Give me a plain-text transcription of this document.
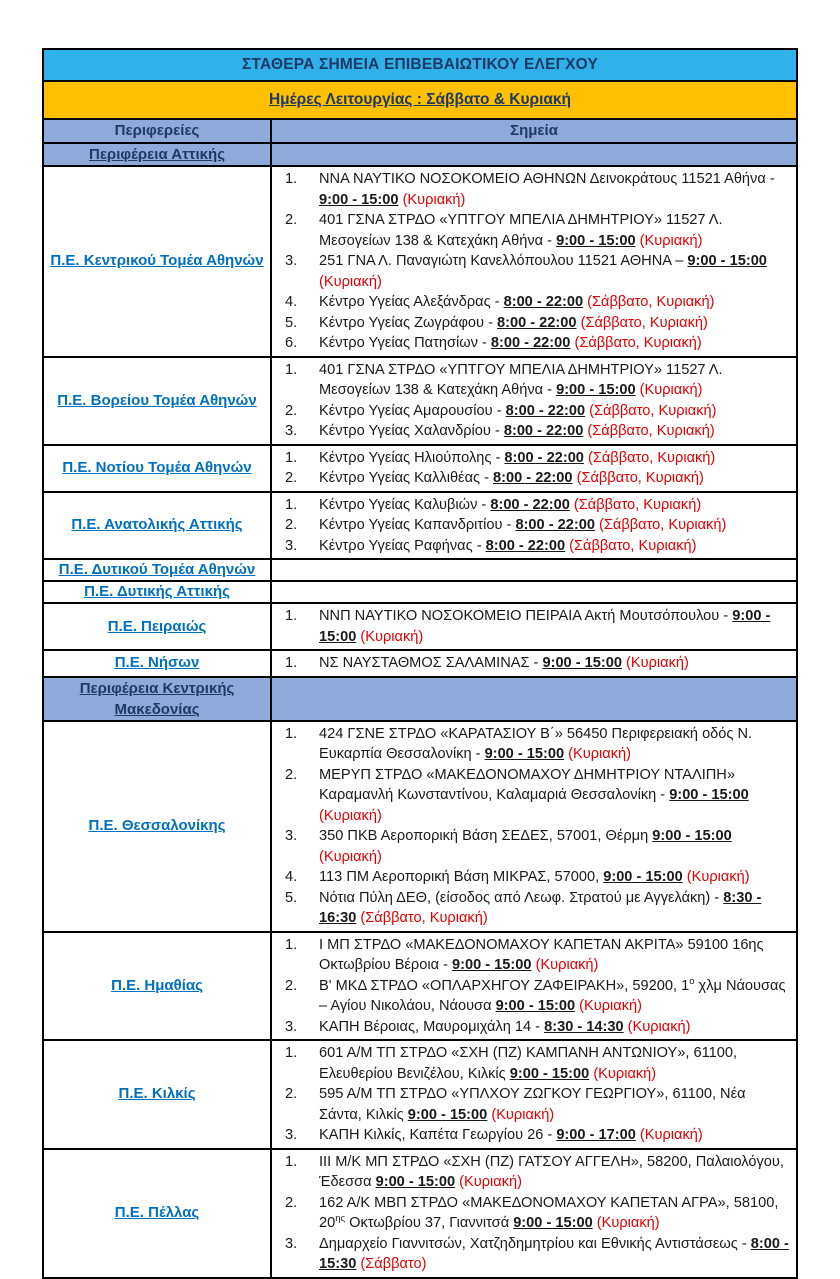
ΣΤΑΘΕΡΑ ΣΗΜΕΙΑ ΕΠΙΒΕΒΑΙΩΤΙΚΟΥ ΕΛΕΓΧΟΥ	
Ημέρες Λειτουργίας : Σάββατο & Κυριακή	
Περιφερείες	Σημεία
Περιφέρεια Αττικής	
Π.Ε. Κεντρικού Τομέα Αθηνών	
ΝΝΑ ΝΑΥΤΙΚΟ ΝΟΣΟΚΟΜΕΙΟ ΑΘΗΝΩΝ Δεινοκράτους 11521 Αθήνα - 9:00 - 15:00 (Κυριακή)
401 ΓΣΝΑ ΣΤΡΔΟ «ΥΠΤΓΟΥ ΜΠΕΛΙΑ ΔΗΜΗΤΡΙΟΥ» 11527 Λ. Μεσογείων 138 & Κατεχάκη Αθήνα - 9:00 - 15:00 (Κυριακή)
251 ΓΝΑ Λ. Παναγιώτη Κανελλόπουλου 11521 ΑΘΗΝΑ – 9:00 - 15:00 (Κυριακή)
Κέντρο Υγείας Αλεξάνδρας - 8:00 - 22:00 (Σάββατο, Κυριακή)
Κέντρο Υγείας Ζωγράφου - 8:00 - 22:00 (Σάββατο, Κυριακή)
Κέντρο Υγείας Πατησίων - 8:00 - 22:00 (Σάββατο, Κυριακή)

Π.Ε. Βορείου Τομέα Αθηνών	
401 ΓΣΝΑ ΣΤΡΔΟ «ΥΠΤΓΟΥ ΜΠΕΛΙΑ ΔΗΜΗΤΡΙΟΥ» 11527 Λ. Μεσογείων 138 & Κατεχάκη Αθήνα - 9:00 - 15:00 (Κυριακή)
Κέντρο Υγείας Αμαρουσίου - 8:00 - 22:00 (Σάββατο, Κυριακή)
Κέντρο Υγείας Χαλανδρίου - 8:00 - 22:00 (Σάββατο, Κυριακή)

Π.Ε. Νοτίου Τομέα Αθηνών	
Κέντρο Υγείας Ηλιούπολης - 8:00 - 22:00 (Σάββατο, Κυριακή)
Κέντρο Υγείας Καλλιθέας - 8:00 - 22:00 (Σάββατο, Κυριακή)

Π.Ε. Ανατολικής Αττικής	
Κέντρο Υγείας Καλυβιών - 8:00 - 22:00 (Σάββατο, Κυριακή)
Κέντρο Υγείας Καπανδριτίου - 8:00 - 22:00 (Σάββατο, Κυριακή)
Κέντρο Υγείας Ραφήνας - 8:00 - 22:00 (Σάββατο, Κυριακή)

Π.Ε. Δυτικού Τομέα Αθηνών	
Π.Ε. Δυτικής Αττικής	
Π.Ε. Πειραιώς	
ΝΝΠ ΝΑΥΤΙΚΟ ΝΟΣΟΚΟΜΕΙΟ ΠΕΙΡΑΙΑ Ακτή Μουτσόπουλου - 9:00 - 15:00 (Κυριακή)

Π.Ε. Νήσων	ΝΣ ΝΑΥΣΤΑΘΜΟΣ ΣΑΛΑΜΙΝΑΣ - 9:00 - 15:00 (Κυριακή)

Περιφέρεια Κεντρικής Μακεδονίας	
Π.Ε. Θεσσαλονίκης	
424 ΓΣΝΕ ΣΤΡΔΟ «ΚΑΡΑΤΑΣΙΟΥ Β΄» 56450 Περιφερειακή οδός Ν. Ευκαρπία Θεσσαλονίκη - 9:00 - 15:00 (Κυριακή)
ΜΕΡΥΠ ΣΤΡΔΟ «ΜΑΚΕΔΟΝΟΜΑΧΟΥ ΔΗΜΗΤΡΙΟΥ ΝΤΑΛΙΠΗ» Καραμανλή Κωνσταντίνου, Καλαμαριά Θεσσαλονίκη - 9:00 - 15:00 (Κυριακή)
350 ΠΚΒ Αεροπορική Βάση ΣΕΔΕΣ, 57001, Θέρμη 9:00 - 15:00 (Κυριακή)
113 ΠΜ Αεροπορική Βάση ΜΙΚΡΑΣ, 57000, 9:00 - 15:00 (Κυριακή)
Νότια Πύλη ΔΕΘ, (είσοδος από Λεωφ. Στρατού με Αγγελάκη) - 8:30 - 16:30 (Σάββατο, Κυριακή)

Π.Ε. Ημαθίας	
Ι ΜΠ ΣΤΡΔΟ «ΜΑΚΕΔΟΝΟΜΑΧΟΥ ΚΑΠΕΤΑΝ ΑΚΡΙΤΑ» 59100 16ης Οκτωβρίου Βέροια - 9:00 - 15:00 (Κυριακή)
Β' ΜΚΔ ΣΤΡΔΟ «ΟΠΛΑΡΧΗΓΟΥ ΖΑΦΕΙΡΑΚΗ», 59200, $1^o$ χλμ Νάουσας – Αγίου Νικολάου, Νάουσα 9:00 - 15:00 (Κυριακή)
ΚΑΠΗ Βέροιας, Μαυρομιχάλη 14 - 8:30 - 14:30 (Κυριακή)

Π.Ε. Κιλκίς	
601 Α/Μ ΤΠ ΣΤΡΔΟ «ΣΧΗ (ΠΖ) ΚΑΜΠΑΝΗ ΑΝΤΩΝΙΟΥ», 61100, Ελευθερίου Βενιζέλου, Κιλκίς 9:00 - 15:00 (Κυριακή)
595 Α/Μ ΤΠ ΣΤΡΔΟ «ΥΠΛΧΟΥ ΖΩΓΚΟΥ ΓΕΩΡΓΙΟΥ», 61100, Νέα Σάντα, Κιλκίς 9:00 - 15:00 (Κυριακή)
ΚΑΠΗ Κιλκίς, Καπέτα Γεωργίου 26 - 9:00 - 17:00 (Κυριακή)

Π.Ε. Πέλλας	
ΙΙΙ Μ/Κ ΜΠ ΣΤΡΔΟ «ΣΧΗ (ΠΖ) ΓΑΤΣΟΥ ΑΓΓΕΛΗ», 58200, Παλαιολόγου, Έδεσσα 9:00 - 15:00 (Κυριακή)
162 Α/Κ ΜΒΠ ΣΤΡΔΟ «ΜΑΚΕΔΟΝΟΜΑΧΟΥ ΚΑΠΕΤΑΝ ΑΓΡΑ», 58100, $20^{\eta\varsigma}$ Οκτωβρίου 37, Γιαννιτσά 9:00 - 15:00 (Κυριακή)
Δημαρχείο Γιαννιτσών, Χατζηδημητρίου και Εθνικής Αντιστάσεως - 8:00 - 15:30 (Σάββατο)
